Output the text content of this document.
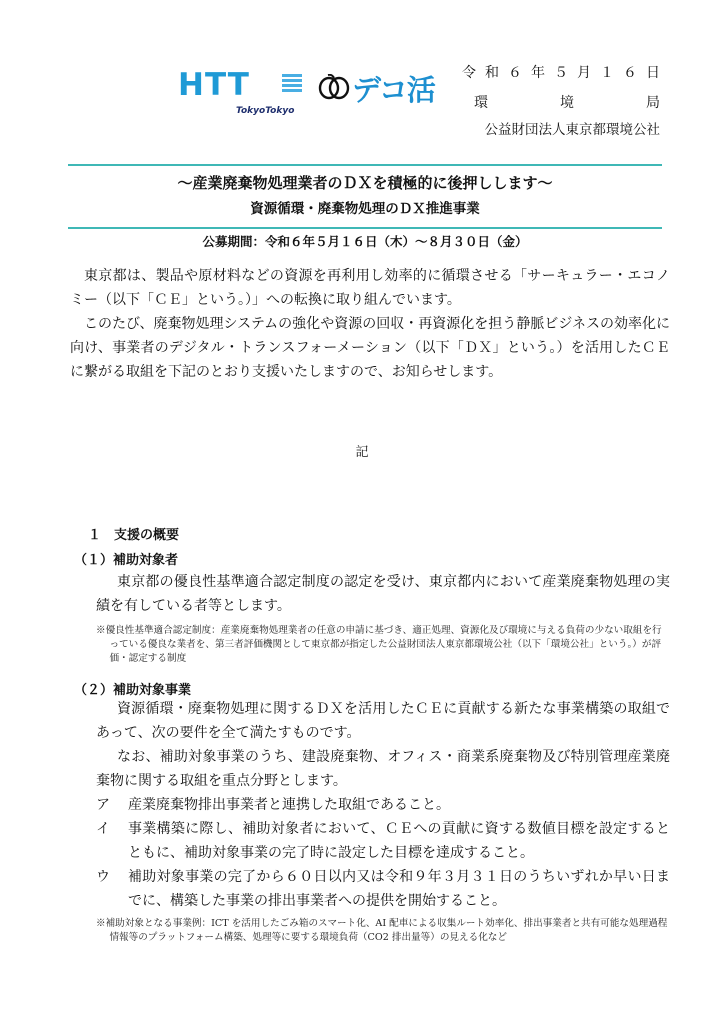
HTT
TokyoTokyo
デコ活 令和６年５月１６日
環	境	局
公益財団法人東京都環境公社
～産業廃棄物処理業者のＤＸを積極的に後押しします～
資源循環・廃棄物処理のＤＸ推進事業
公募期間：令和６年５月１６日（木）～８月３０日（金）

東京都は、製品や原材料などの資源を再利用し効率的に循環させる「サーキュラー・エコノミー（以下「ＣＥ」という。）」への転換に取り組んでいます。

このたび、廃棄物処理システムの強化や資源の回収・再資源化を担う静脈ビジネスの効率化に向け、事業者のデジタル・トランスフォーメーション（以下「ＤＸ」という。）を活用したＣＥに繋がる取組を下記のとおり支援いたしますので、お知らせします。

記
１　支援の概要
（１）補助対象者

東京都の優良性基準適合認定制度の認定を受け、東京都内において産業廃棄物処理の実績を有している者等とします。

※優良性基準適合認定制度：産業廃棄物処理業者の任意の申請に基づき、適正処理、資源化及び環境に与える負荷の少ない取組を行っている優良な業者を、第三者評価機関として東京都が指定した公益財団法人東京都環境公社（以下「環境公社」という。）が評価・認定する制度
（２）補助対象事業

資源循環・廃棄物処理に関するＤＸを活用したＣＥに貢献する新たな事業構築の取組であって、次の要件を全て満たすものです。

なお、補助対象事業のうち、建設廃棄物、オフィス・商業系廃棄物及び特別管理産業廃棄物に関する取組を重点分野とします。

ア	産業廃棄物排出事業者と連携した取組であること。
イ	事業構築に際し、補助対象者において、ＣＥへの貢献に資する数値目標を設定するとともに、補助対象事業の完了時に設定した目標を達成すること。
ウ	補助対象事業の完了から６０日以内又は令和９年３月３１日のうちいずれか早い日までに、構築した事業の排出事業者への提供を開始すること。
※補助対象となる事業例：ICT を活用したごみ箱のスマート化、AI 配車による収集ルート効率化、排出事業者と共有可能な処理過程情報等のプラットフォーム構築、処理等に要する環境負荷（CO2 排出量等）の見える化など
